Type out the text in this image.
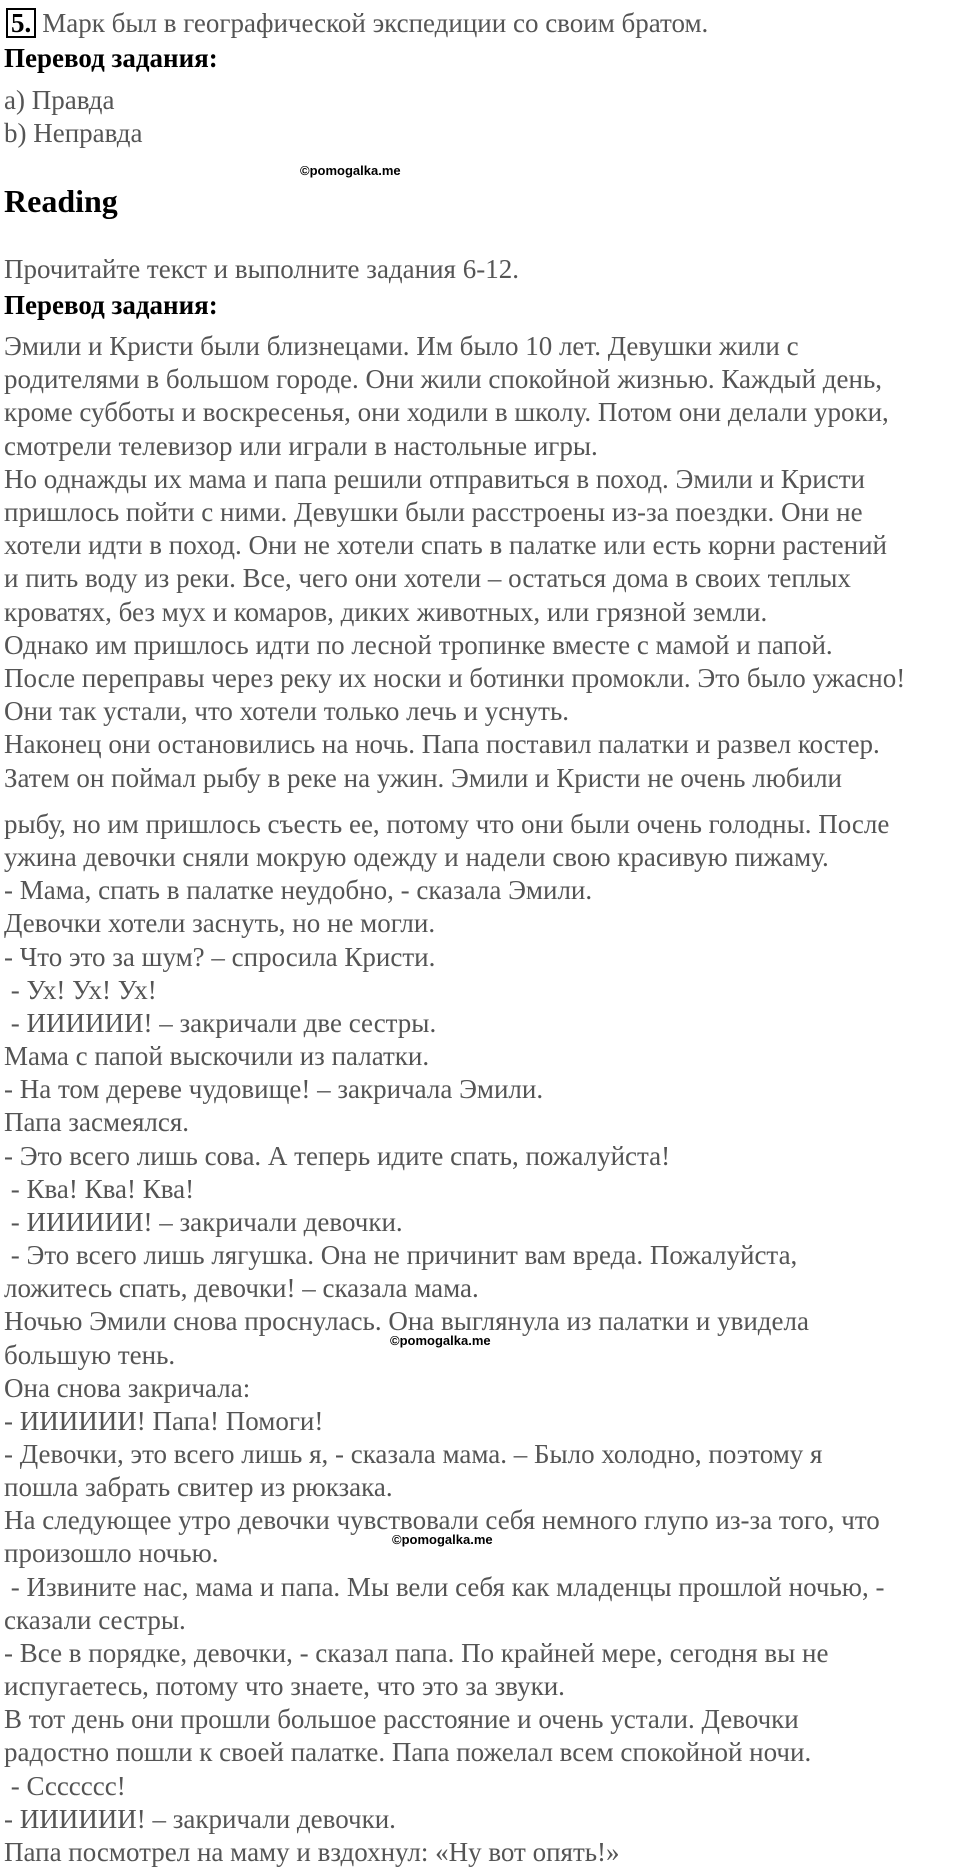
5. Марк был в географической экспедиции со своим братом.
Перевод задания:
a) Правда
b) Неправда
©pomogalka.me
Reading
Прочитайте текст и выполните задания 6-12.
Перевод задания:
Эмили и Кристи были близнецами. Им было 10 лет. Девушки жили с
родителями в большом городе. Они жили спокойной жизнью. Каждый день,
кроме субботы и воскресенья, они ходили в школу. Потом они делали уроки,
смотрели телевизор или играли в настольные игры.
Но однажды их мама и папа решили отправиться в поход. Эмили и Кристи
пришлось пойти с ними. Девушки были расстроены из-за поездки. Они не
хотели идти в поход. Они не хотели спать в палатке или есть корни растений
и пить воду из реки. Все, чего они хотели – остаться дома в своих теплых
кроватях, без мух и комаров, диких животных, или грязной земли.
Однако им пришлось идти по лесной тропинке вместе с мамой и папой.
После переправы через реку их носки и ботинки промокли. Это было ужасно!
Они так устали, что хотели только лечь и уснуть.
Наконец они остановились на ночь. Папа поставил палатки и развел костер.
Затем он поймал рыбу в реке на ужин. Эмили и Кристи не очень любили
рыбу, но им пришлось съесть ее, потому что они были очень голодны. После
ужина девочки сняли мокрую одежду и надели свою красивую пижаму.
- Мама, спать в палатке неудобно, - сказала Эмили.
Девочки хотели заснуть, но не могли.
- Что это за шум? – спросила Кристи.
- Ух! Ух! Ух!
- ИИИИИИ! – закричали две сестры.
Мама с папой выскочили из палатки.
- На том дереве чудовище! – закричала Эмили.
Папа засмеялся.
- Это всего лишь сова. А теперь идите спать, пожалуйста!
- Ква! Ква! Ква!
- ИИИИИИ! – закричали девочки.
- Это всего лишь лягушка. Она не причинит вам вреда. Пожалуйста,
ложитесь спать, девочки! – сказала мама.
Ночью Эмили снова проснулась. Она выглянула из палатки и увидела
большую тень.
Она снова закричала:
- ИИИИИИ! Папа! Помоги!
- Девочки, это всего лишь я, - сказала мама. – Было холодно, поэтому я
пошла забрать свитер из рюкзака.
На следующее утро девочки чувствовали себя немного глупо из-за того, что
произошло ночью.
- Извините нас, мама и папа. Мы вели себя как младенцы прошлой ночью, -
сказали сестры.
- Все в порядке, девочки, - сказал папа. По крайней мере, сегодня вы не
испугаетесь, потому что знаете, что это за звуки.
В тот день они прошли большое расстояние и очень устали. Девочки
радостно пошли к своей палатке. Папа пожелал всем спокойной ночи.
- Ссссссс!
- ИИИИИИ! – закричали девочки.
Папа посмотрел на маму и вздохнул: «Ну вот опять!»
©pomogalka.me
©pomogalka.me
